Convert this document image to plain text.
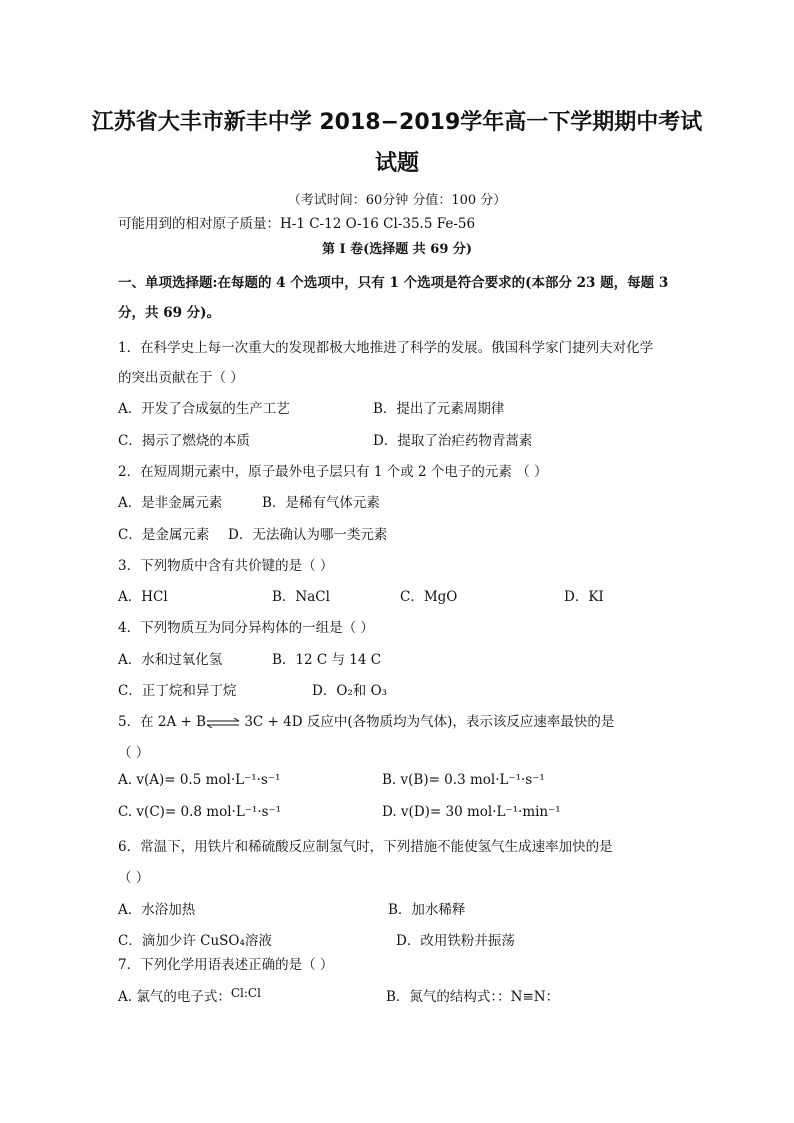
江苏省大丰市新丰中学 2018−2019学年高一下学期期中考试
试题
（考试时间：60分钟 分值：100 分）
可能用到的相对原子质量：H-1 C-12 O-16 Cl-35.5 Fe-56
第 I 卷(选择题 共 69 分)
一、单项选择题:在每题的 4 个选项中，只有 1 个选项是符合要求的(本部分 23 题，每题 3
分，共 69 分)。
1．在科学史上每一次重大的发现都极大地推进了科学的发展。俄国科学家门捷列夫对化学
的突出贡献在于（ ）
A．开发了合成氨的生产工艺	B．提出了元素周期律
C．揭示了燃烧的本质	D．提取了治疟药物青蒿素
2．在短周期元素中，原子最外电子层只有 1 个或 2 个电子的元素 （ ）
A．是非金属元素	B．是稀有气体元素
C．是金属元素 D．无法确认为哪一类元素
3．下列物质中含有共价键的是（ ）
A．HCl	B．NaCl	C．MgO	D．KI
4．下列物质互为同分异构体的一组是（ ）
A．水和过氧化氢	B．12 C 与 14 C
C．正丁烷和异丁烷	D．O₂和 O₃
5．在 2A + B⇌ 3C + 4D 反应中(各物质均为气体)，表示该反应速率最快的是
（ ）
A. v(A)= 0.5 mol·L⁻¹·s⁻¹	B. v(B)= 0.3 mol·L⁻¹·s⁻¹
C. v(C)= 0.8 mol·L⁻¹·s⁻¹	D. v(D)= 30 mol·L⁻¹·min⁻¹
6．常温下，用铁片和稀硫酸反应制氢气时，下列措施不能使氢气生成速率加快的是
（ ）
A．水浴加热	B．加水稀释
C．滴加少许 CuSO₄溶液	D．改用铁粉并振荡
7．下列化学用语表述正确的是（ ）
A. 氯气的电子式：Cl:Cl	B．氮气的结构式：：N≡N：
